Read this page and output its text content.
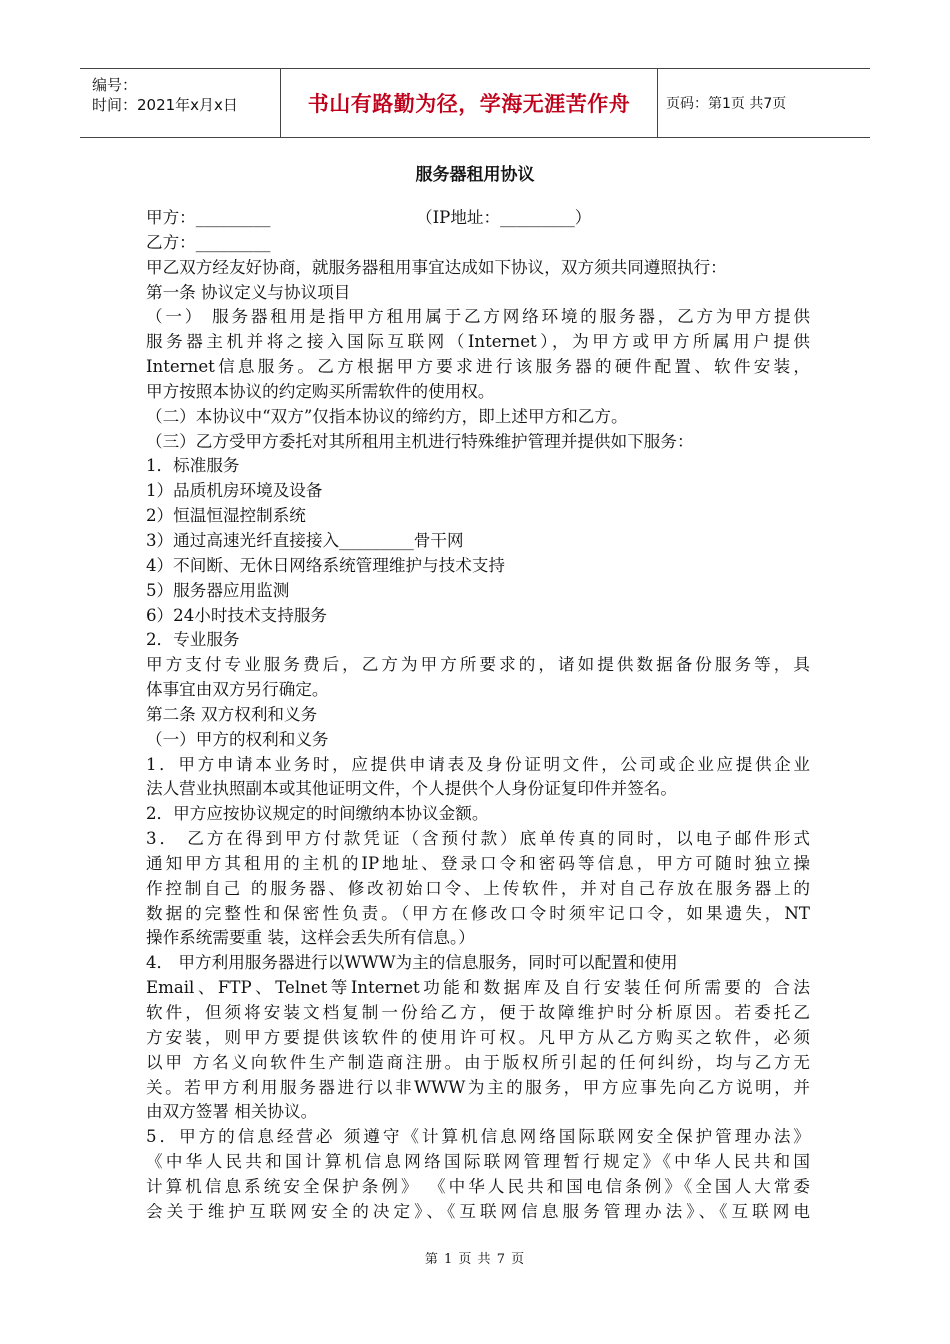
编号：
时间：2021年x月x日	书山有路勤为径，学海无涯苦作舟	页码：第1页 共7页
服务器租用协议
甲方：_________	（IP地址：_________）
乙方：_________
甲乙双方经友好协商，就服务器租用事宜达成如下协议，双方须共同遵照执行：
第一条 协议定义与协议项目
（一） 服务器租用是指甲方租用属于乙方网络环境的服务器，乙方为甲方提供
服务器主机并将之接入国际互联网（Internet），为甲方或甲方所属用户提供
Internet信息服务。乙方根据甲方要求进行该服务器的硬件配置、软件安装，
甲方按照本协议的约定购买所需软件的使用权。
（二）本协议中“双方”仅指本协议的缔约方，即上述甲方和乙方。
（三）乙方受甲方委托对其所租用主机进行特殊维护管理并提供如下服务：
1．标准服务
1）品质机房环境及设备
2）恒温恒湿控制系统
3）通过高速光纤直接接入_________骨干网
4）不间断、无休日网络系统管理维护与技术支持
5）服务器应用监测
6）24小时技术支持服务
2．专业服务
甲方支付专业服务费后，乙方为甲方所要求的，诸如提供数据备份服务等，具
体事宜由双方另行确定。
第二条 双方权利和义务
（一）甲方的权利和义务
1．甲方申请本业务时，应提供申请表及身份证明文件，公司或企业应提供企业
法人营业执照副本或其他证明文件，个人提供个人身份证复印件并签名。
2．甲方应按协议规定的时间缴纳本协议金额。
3． 乙方在得到甲方付款凭证（含预付款）底单传真的同时，以电子邮件形式
通知甲方其租用的主机的IP地址、登录口令和密码等信息，甲方可随时独立操
作控制自己 的服务器、修改初始口令、上传软件，并对自己存放在服务器上的
数据的完整性和保密性负责。（甲方在修改口令时须牢记口令，如果遗失，NT
操作系统需要重 装，这样会丢失所有信息。）
4． 甲方利用服务器进行以WWW为主的信息服务，同时可以配置和使用
Email、FTP、Telnet等Internet功能和数据库及自行安装任何所需要的 合法
软件，但须将安装文档复制一份给乙方，便于故障维护时分析原因。若委托乙
方安装，则甲方要提供该软件的使用许可权。凡甲方从乙方购买之软件，必须
以甲 方名义向软件生产制造商注册。由于版权所引起的任何纠纷，均与乙方无
关。若甲方利用服务器进行以非WWW为主的服务，甲方应事先向乙方说明，并
由双方签署 相关协议。
5．甲方的信息经营必 须遵守《计算机信息网络国际联网安全保护管理办法》
《中华人民共和国计算机信息网络国际联网管理暂行规定》《中华人民共和国
计算机信息系统安全保护条例》 《中华人民共和国电信条例》《全国人大常委
会关于维护互联网安全的决定》、《互联网信息服务管理办法》、《互联网电
第 1 页 共 7 页
